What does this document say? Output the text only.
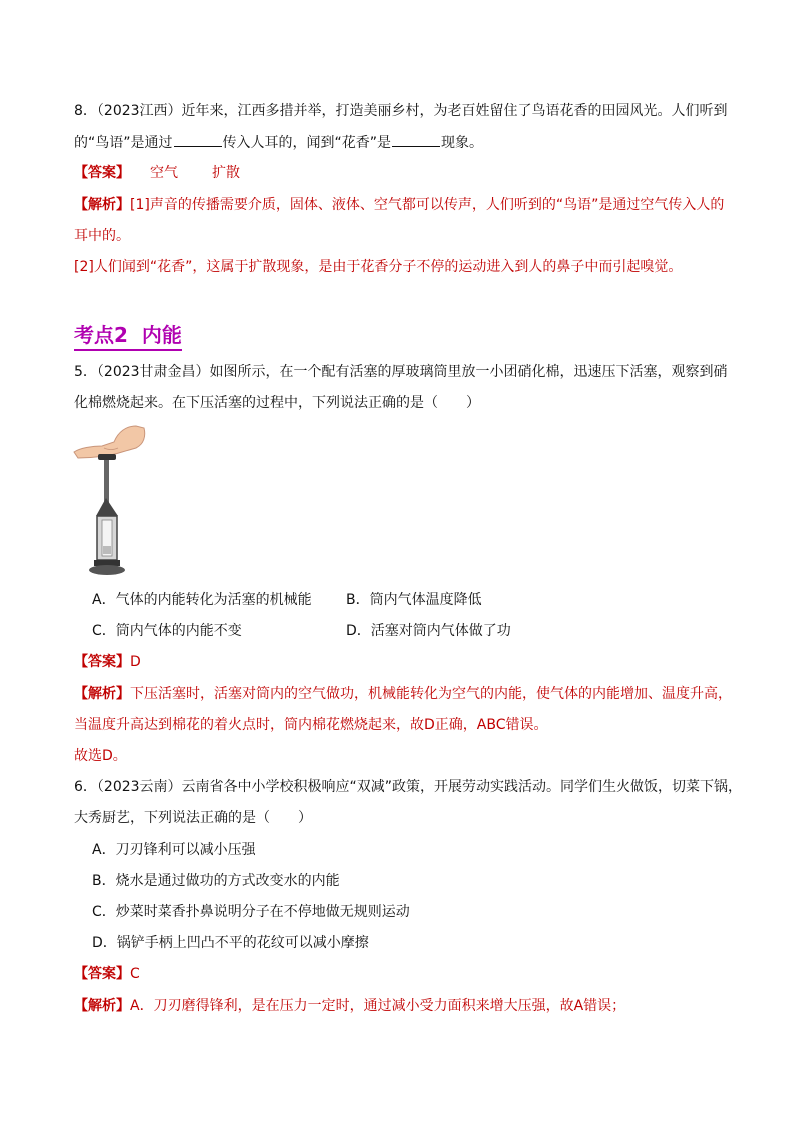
8．（2023江西）近年来，江西多措并举，打造美丽乡村，为老百姓留住了鸟语花香的田园风光。人们听到
的“鸟语”是通过	传入人耳的，闻到“花香”是	现象。
【答案】 空气 扩散
【解析】[1]声音的传播需要介质，固体、液体、空气都可以传声，人们听到的“鸟语”是通过空气传入人的
耳中的。
[2]人们闻到“花香”，这属于扩散现象，是由于花香分子不停的运动进入到人的鼻子中而引起嗅觉。
考点2 内能
5．（2023甘肃金昌）如图所示，在一个配有活塞的厚玻璃筒里放一小团硝化棉，迅速压下活塞，观察到硝
化棉燃烧起来。在下压活塞的过程中，下列说法正确的是（　　）
A．气体的内能转化为活塞的机械能 B．筒内气体温度降低
C．筒内气体的内能不变	D．活塞对筒内气体做了功
【答案】D
【解析】下压活塞时，活塞对筒内的空气做功，机械能转化为空气的内能，使气体的内能增加、温度升高，
当温度升高达到棉花的着火点时，筒内棉花燃烧起来，故D正确，ABC错误。
故选D。
6．（2023云南）云南省各中小学校积极响应“双减”政策，开展劳动实践活动。同学们生火做饭，切菜下锅，
大秀厨艺，下列说法正确的是（　　）
A．刀刃锋利可以减小压强
B．烧水是通过做功的方式改变水的内能
C．炒菜时菜香扑鼻说明分子在不停地做无规则运动
D．锅铲手柄上凹凸不平的花纹可以减小摩擦
【答案】C
【解析】A．刀刃磨得锋利，是在压力一定时，通过减小受力面积来增大压强，故A错误；
